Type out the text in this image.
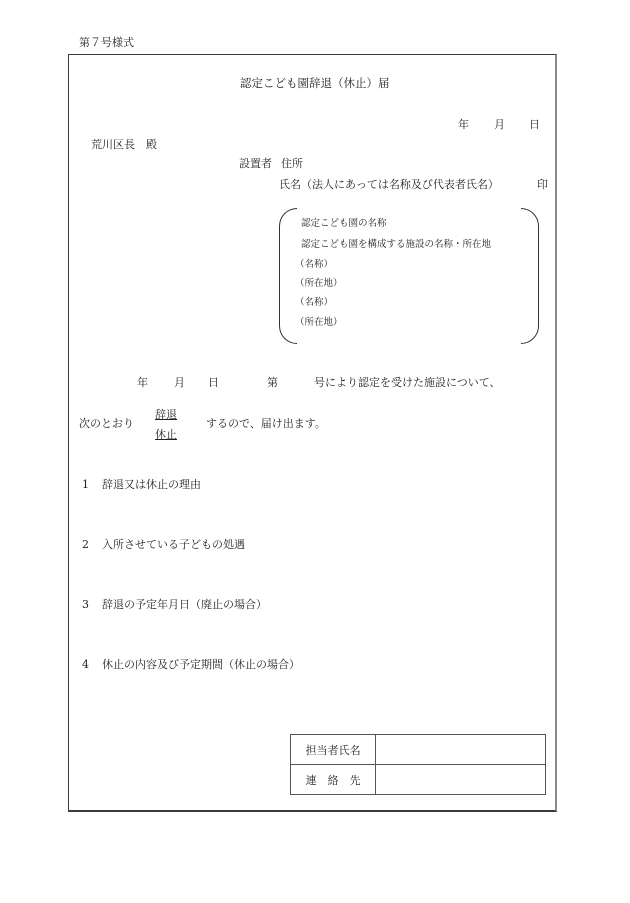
第７号様式
認定こども園辞退（休止）届
年 月 日
荒川区長　殿
設置者 住所
氏名（法人にあっては名称及び代表者氏名）	印
認定こども園の名称
認定こども園を構成する施設の名称・所在地
（名称）
（所在地）
（名称）
（所在地）
年 月 日	第	号により認定を受けた施設について、
次のとおり
辞退
休止
するので、届け出ます。
1 辞退又は休止の理由
2 入所させている子どもの処遇
3 辞退の予定年月日（廃止の場合）
4 休止の内容及び予定期間（休止の場合）
担当者氏名	
連　絡　先	
